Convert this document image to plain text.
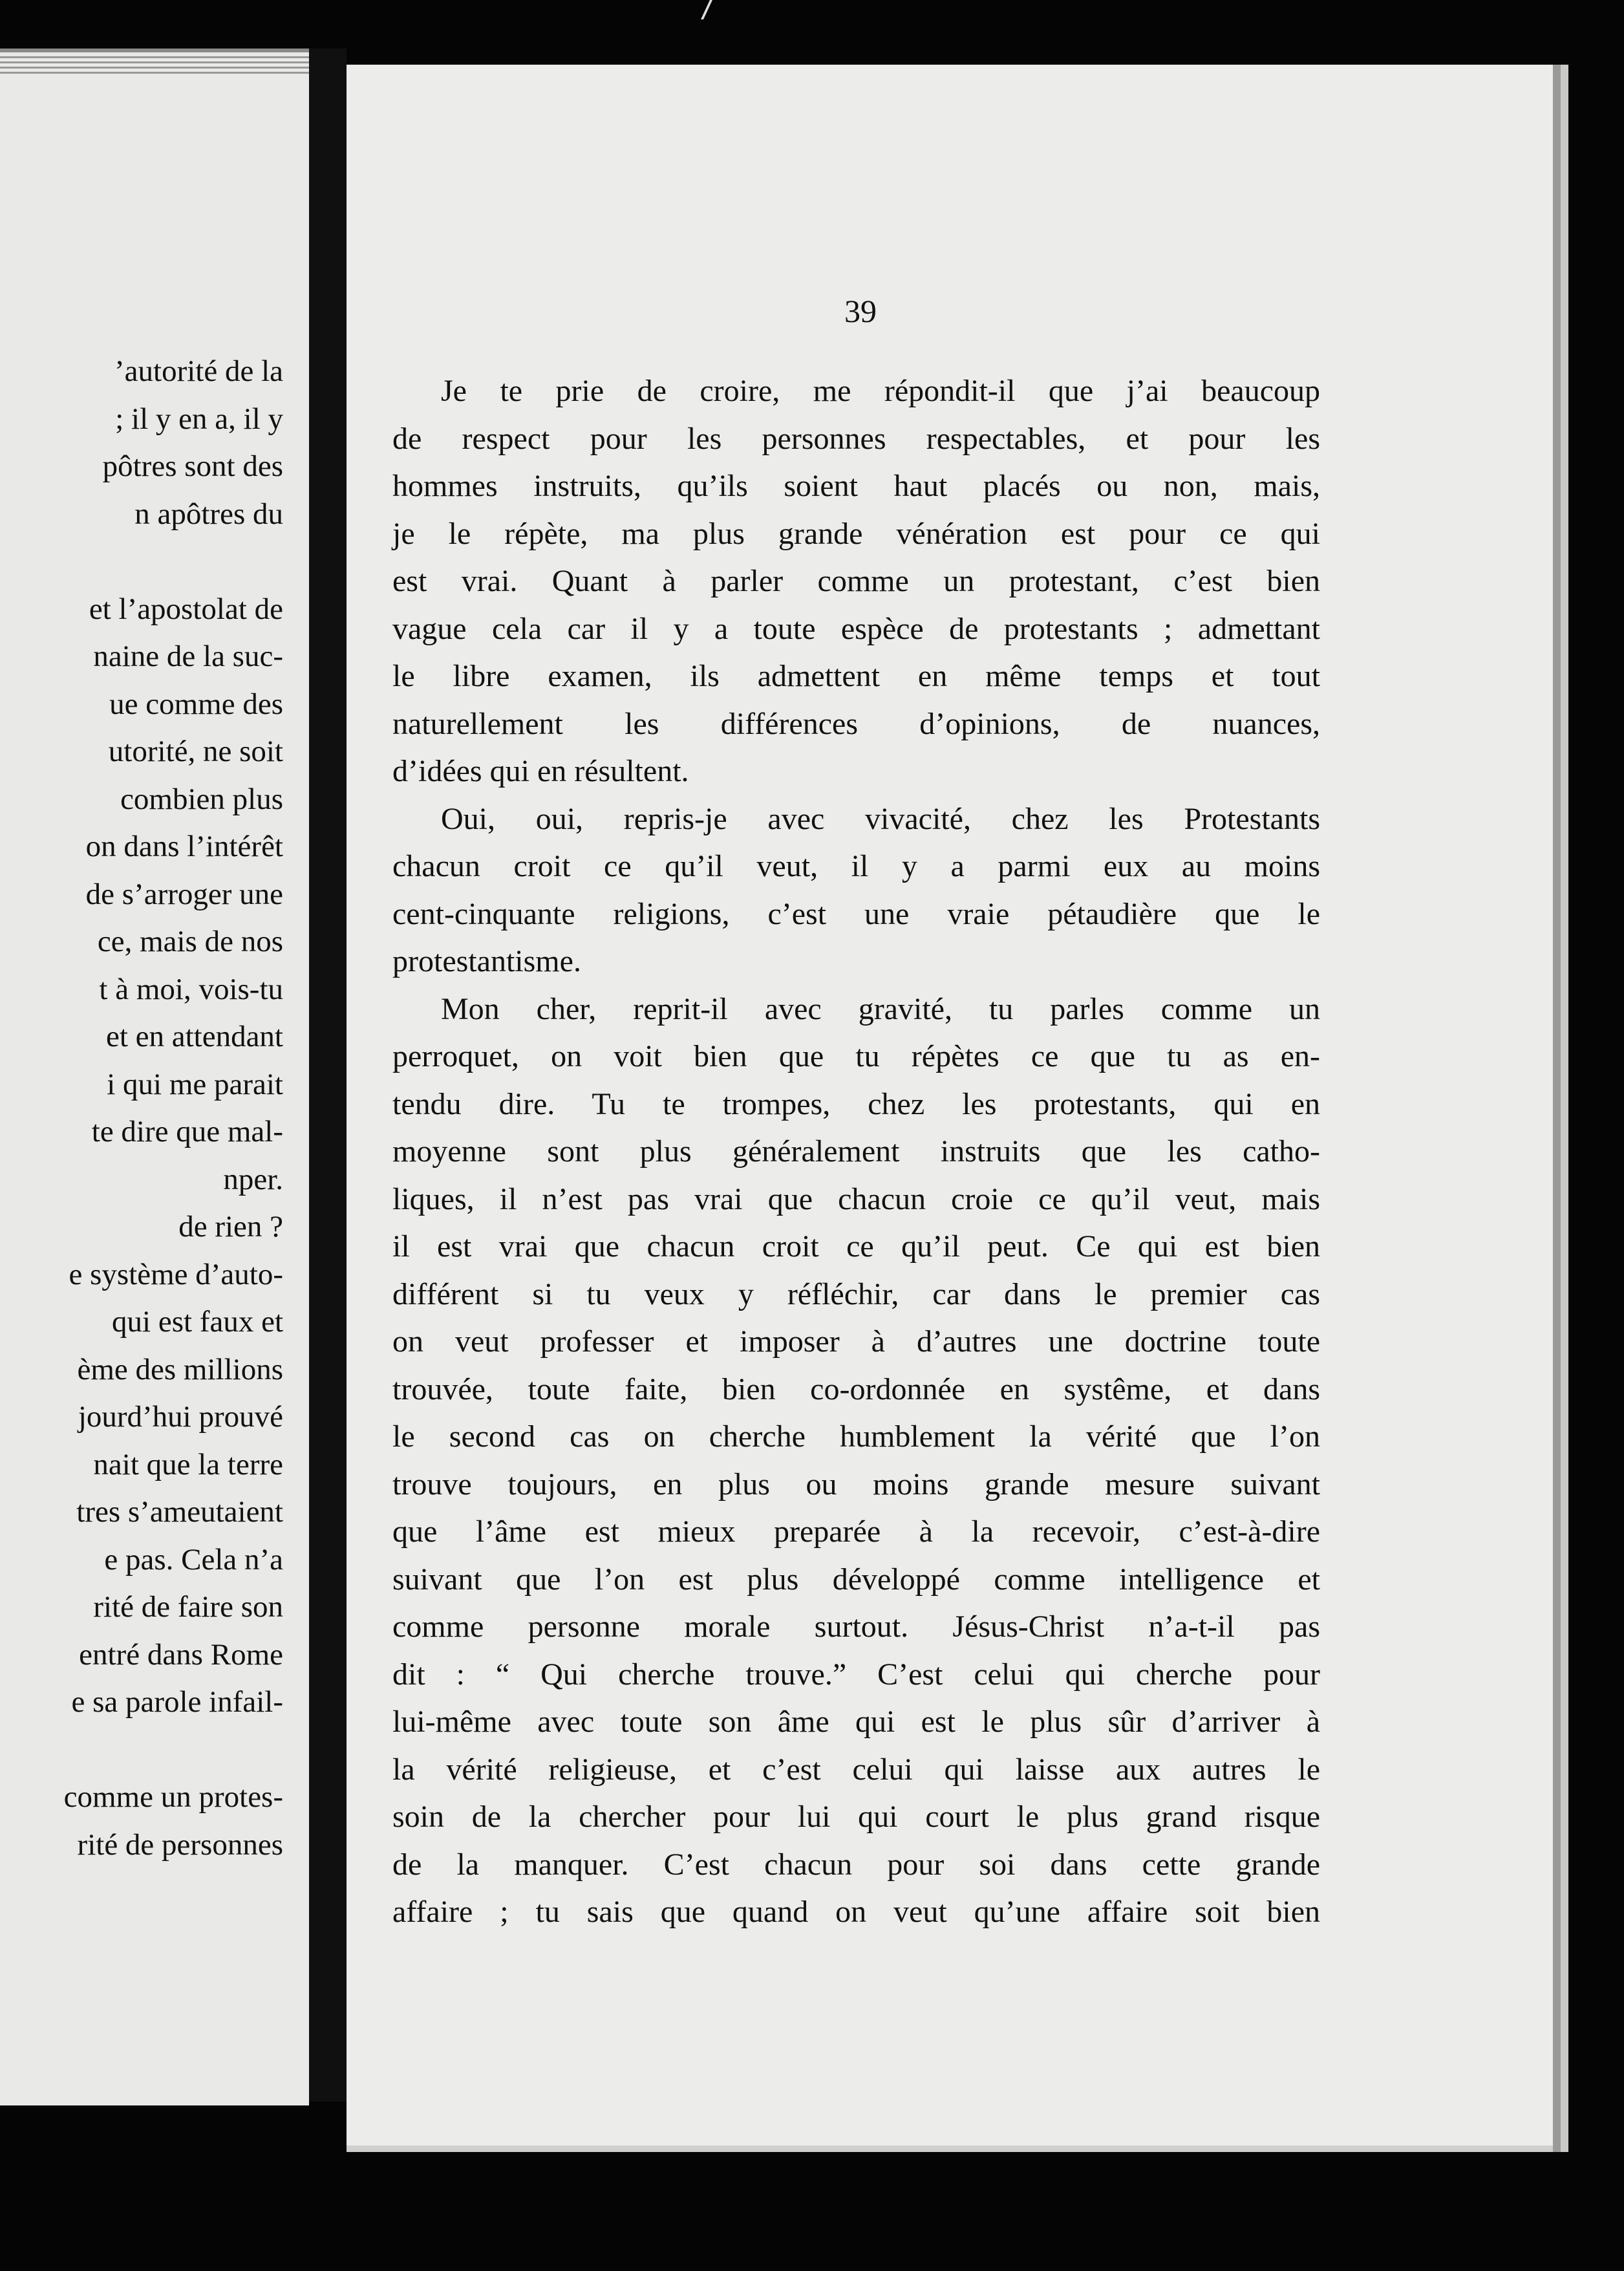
’autorité de la
; il y en a, il y
pôtres sont des
n apôtres du
et l’apostolat de
naine de la suc-
ue comme des
utorité, ne soit
combien plus
on dans l’intérêt
de s’arroger une
ce, mais de nos
t à moi, vois-tu
et en attendant
i qui me parait
te dire que mal-
nper.
de rien ?
e système d’auto-
qui est faux et
ème des millions
jourd’hui prouvé
nait que la terre
tres s’ameutaient
e pas. Cela n’a
rité de faire son
entré dans Rome
e sa parole infail-
comme un protes-
rité de personnes
39
Je te prie de croire, me répondit-il que j’ai beaucoup
de respect pour les personnes respectables, et pour les
hommes instruits, qu’ils soient haut placés ou non, mais,
je le répète, ma plus grande vénération est pour ce qui
est vrai. Quant à parler comme un protestant, c’est bien
vague cela car il y a toute espèce de protestants ; admettant
le libre examen, ils admettent en même temps et tout
naturellement les différences d’opinions, de nuances,
d’idées qui en résultent.
Oui, oui, repris-je avec vivacité, chez les Protestants
chacun croit ce qu’il veut, il y a parmi eux au moins
cent-cinquante religions, c’est une vraie pétaudière que le
protestantisme.
Mon cher, reprit-il avec gravité, tu parles comme un
perroquet, on voit bien que tu répètes ce que tu as en-
tendu dire. Tu te trompes, chez les protestants, qui en
moyenne sont plus généralement instruits que les catho-
liques, il n’est pas vrai que chacun croie ce qu’il veut, mais
il est vrai que chacun croit ce qu’il peut. Ce qui est bien
différent si tu veux y réfléchir, car dans le premier cas
on veut professer et imposer à d’autres une doctrine toute
trouvée, toute faite, bien co-ordonnée en systême, et dans
le second cas on cherche humblement la vérité que l’on
trouve toujours, en plus ou moins grande mesure suivant
que l’âme est mieux preparée à la recevoir, c’est-à-dire
suivant que l’on est plus développé comme intelligence et
comme personne morale surtout. Jésus-Christ n’a-t-il pas
dit : “ Qui cherche trouve.” C’est celui qui cherche pour
lui-même avec toute son âme qui est le plus sûr d’arriver à
la vérité religieuse, et c’est celui qui laisse aux autres le
soin de la chercher pour lui qui court le plus grand risque
de la manquer. C’est chacun pour soi dans cette grande
affaire ; tu sais que quand on veut qu’une affaire soit bien
